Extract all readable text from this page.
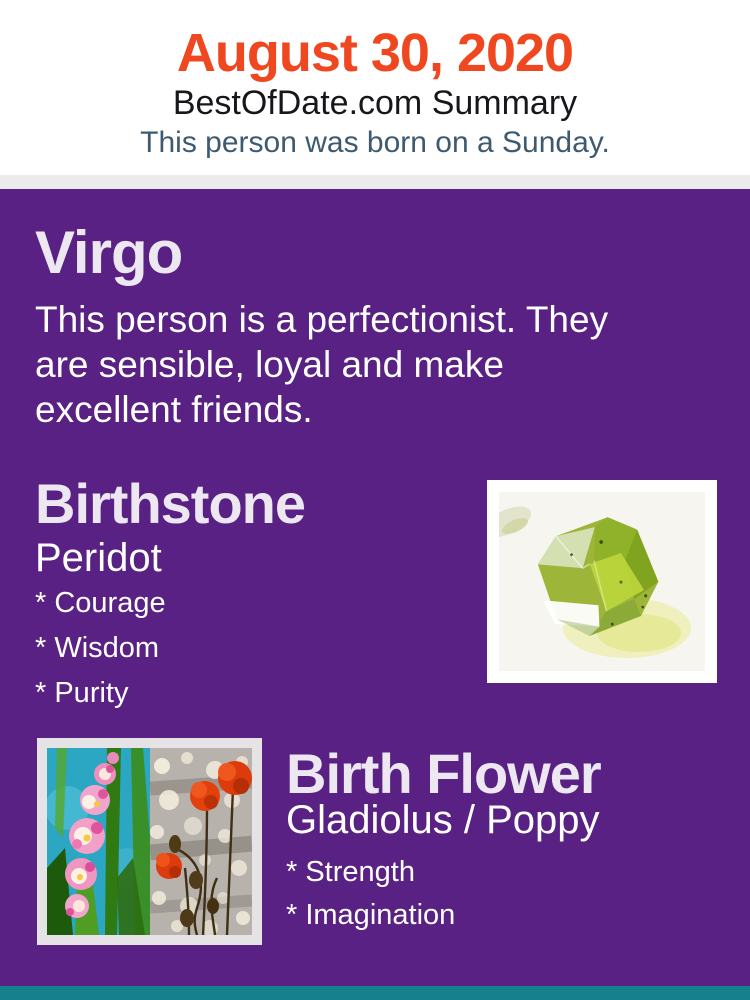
August 30, 2020
BestOfDate.com Summary
This person was born on a Sunday.
Virgo
This person is a perfectionist. They are sensible, loyal and make excellent friends.
Birthstone
Peridot
* Courage
* Wisdom
* Purity
Birth Flower
Gladiolus / Poppy
* Strength
* Imagination
